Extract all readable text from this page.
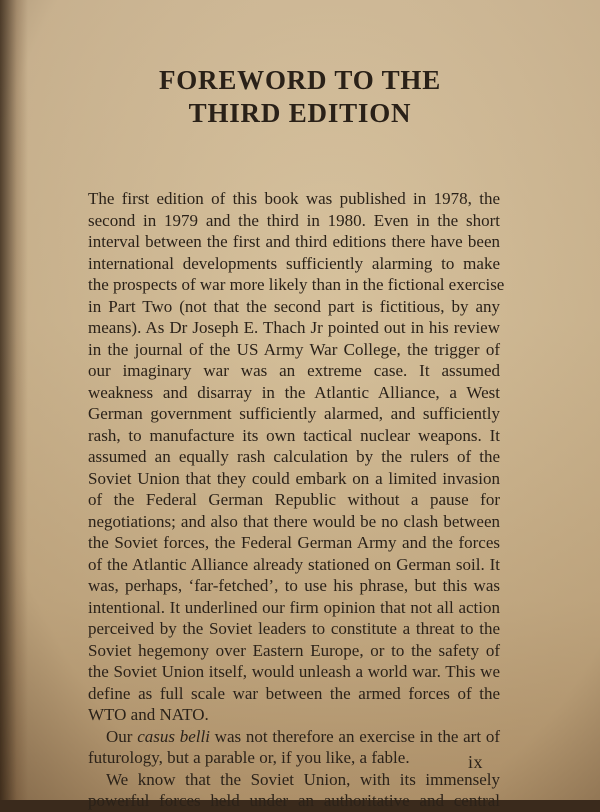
FOREWORD TO THE
THIRD EDITION
The first edition of this book was published in 1978, the
second in 1979 and the third in 1980. Even in the short
interval between the first and third editions there have been
international developments sufficiently alarming to make
the prospects of war more likely than in the fictional exercise
in Part Two (not that the second part is fictitious, by any
means). As Dr Joseph E. Thach Jr pointed out in his review
in the journal of the US Army War College, the trigger of
our imaginary war was an extreme case. It assumed
weakness and disarray in the Atlantic Alliance, a West
German government sufficiently alarmed, and sufficiently
rash, to manufacture its own tactical nuclear weapons. It
assumed an equally rash calculation by the rulers of the
Soviet Union that they could embark on a limited invasion
of the Federal German Republic without a pause for
negotiations; and also that there would be no clash between
the Soviet forces, the Federal German Army and the forces
of the Atlantic Alliance already stationed on German soil. It
was, perhaps, ‘far-fetched’, to use his phrase, but this was
intentional. It underlined our firm opinion that not all action
perceived by the Soviet leaders to constitute a threat to the
Soviet hegemony over Eastern Europe, or to the safety of
the Soviet Union itself, would unleash a world war. This we
define as full scale war between the armed forces of the
WTO and NATO.
Our casus belli was not therefore an exercise in the art of
futurology, but a parable or, if you like, a fable.
We know that the Soviet Union, with its immensely
powerful forces held under an authoritative and central
ix
